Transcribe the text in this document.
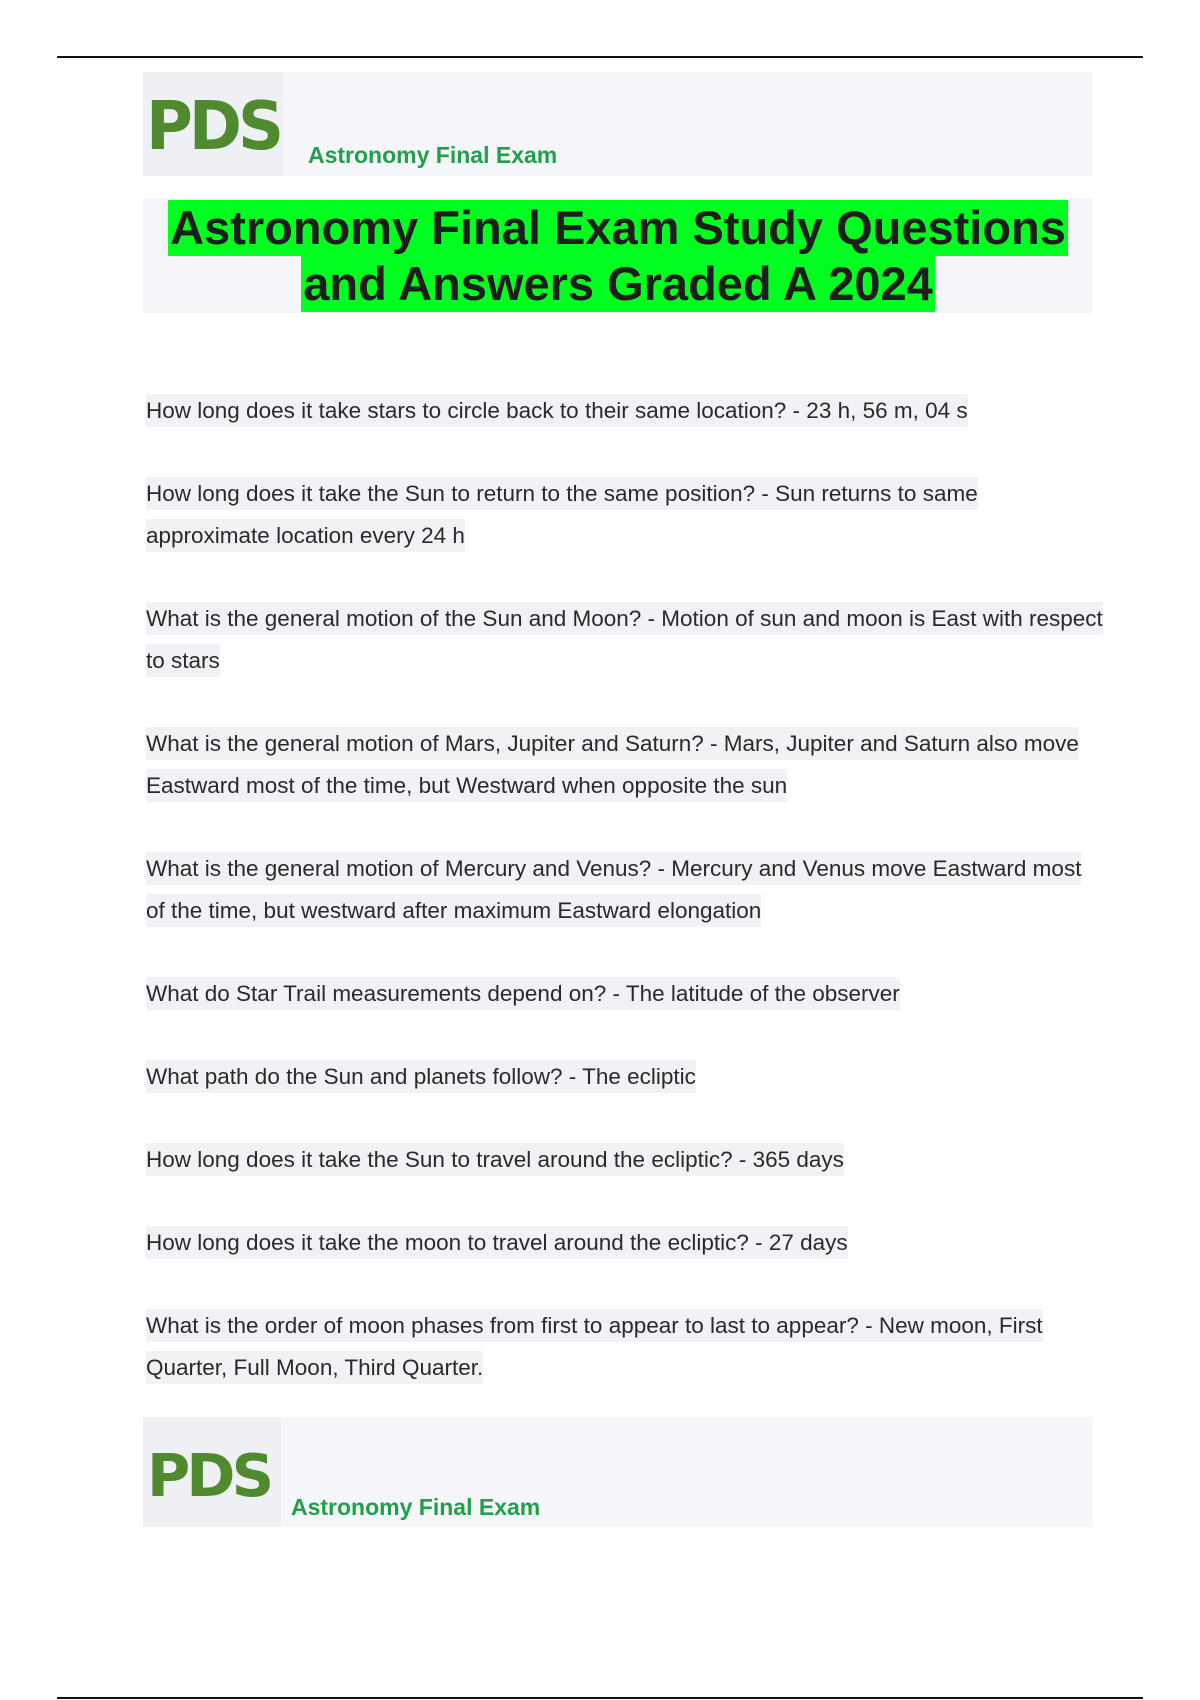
PDS Astronomy Final Exam
Astronomy Final Exam Study Questions
and Answers Graded A 2024

How long does it take stars to circle back to their same location? - 23 h, 56 m, 04 s

How long does it take the Sun to return to the same position? - Sun returns to same approximate location every 24 h

What is the general motion of the Sun and Moon? - Motion of sun and moon is East with respect to stars

What is the general motion of Mars, Jupiter and Saturn? - Mars, Jupiter and Saturn also move Eastward most of the time, but Westward when opposite the sun

What is the general motion of Mercury and Venus? - Mercury and Venus move Eastward most of the time, but westward after maximum Eastward elongation

What do Star Trail measurements depend on? - The latitude of the observer

What path do the Sun and planets follow? - The ecliptic

How long does it take the Sun to travel around the ecliptic? - 365 days

How long does it take the moon to travel around the ecliptic? - 27 days

What is the order of moon phases from first to appear to last to appear? - New moon, First Quarter, Full Moon, Third Quarter.

PDS Astronomy Final Exam
